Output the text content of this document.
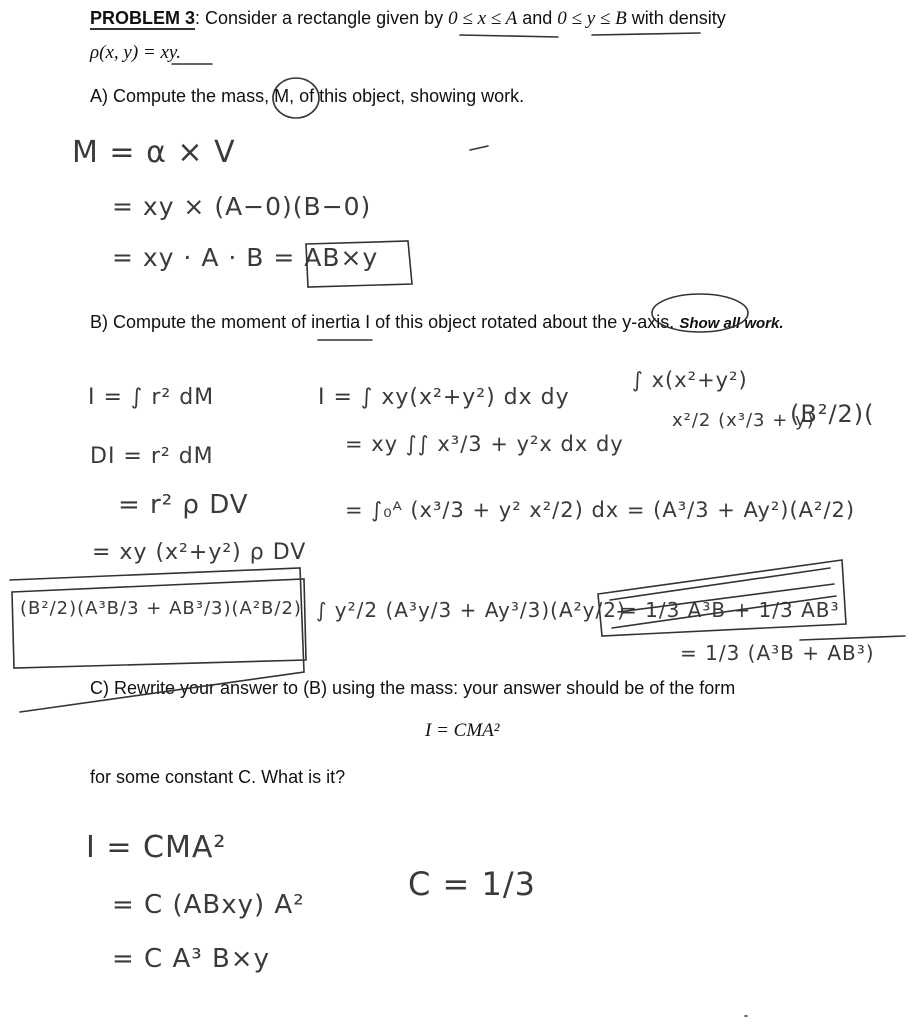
PROBLEM 3: Consider a rectangle given by 0 ≤ x ≤ A and 0 ≤ y ≤ B with density
ρ(x, y) = xy.
A) Compute the mass, M, of this object, showing work.
M = α × V
= xy × (A−0)(B−0)
= xy · A · B = AB×y
B) Compute the moment of inertia I of this object rotated about the y-axis. Show all work.
I = ∫ r² dM
DI = r² dM
= r² ρ DV
= xy (x²+y²) ρ DV
I = ∫ xy(x²+y²) dx dy
= xy ∫∫ x³/3 + y²x dx dy
= ∫₀ᴬ (x³/3 + y² x²/2) dx = (A³/3 + Ay²)(A²/2)
∫ x(x²+y²)
x²/2 (x³/3 + y)
(B²/2)(
(B²/2)(A³B/3 + AB³/3)(A²B/2) ∫ y²/2 (A³y/3 + Ay³/3)(A²y/2)
= 1/3 A³B + 1/3 AB³
= 1/3 (A³B + AB³)
C) Rewrite your answer to (B) using the mass: your answer should be of the form
I = CMA²
for some constant C. What is it?
I = CMA²
= C (ABxy) A²
= C A³ B×y
C = 1/3
